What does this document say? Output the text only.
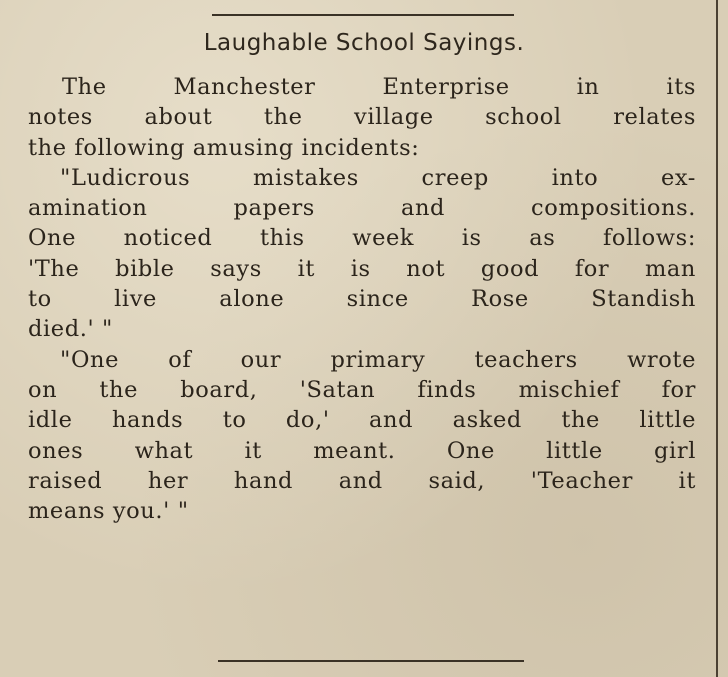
Laughable School Sayings.
The Manchester Enterprise in its
notes about the village school relates
the following amusing incidents:
"Ludicrous mistakes creep into ex-
amination papers and compositions.
One noticed this week is as follows:
'The bible says it is not good for man
to live alone since Rose Standish
died.' "
"One of our primary teachers wrote
on the board, 'Satan finds mischief for
idle hands to do,' and asked the little
ones what it meant. One little girl
raised her hand and said, 'Teacher it
means you.' "
